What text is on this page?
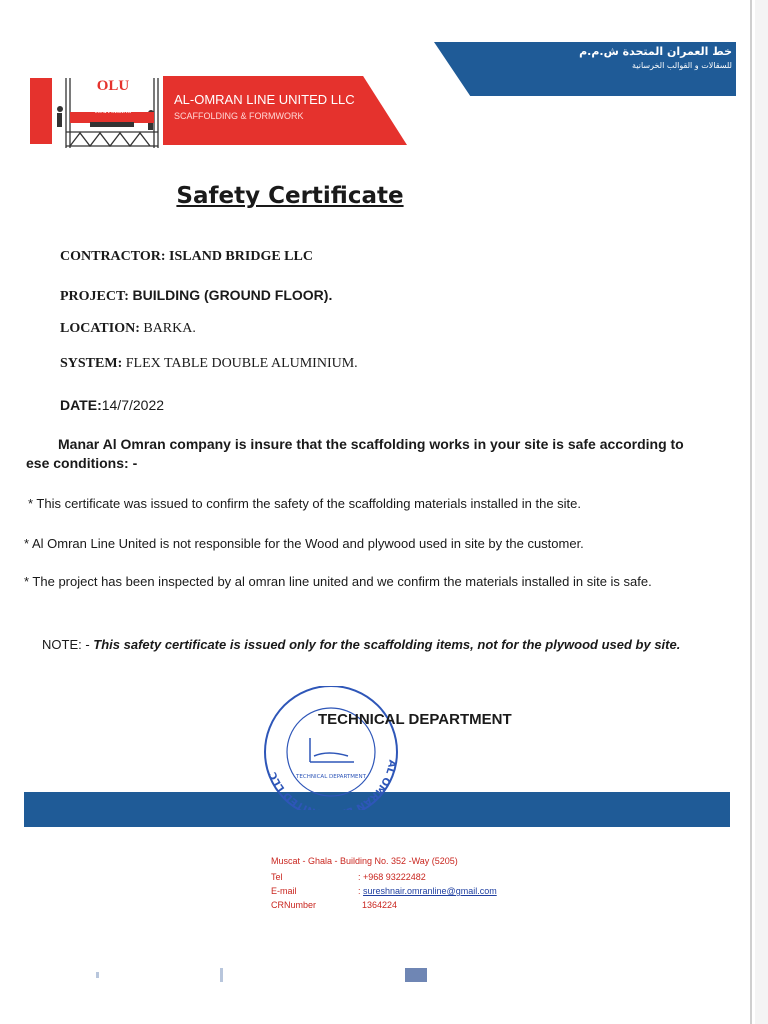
خط العمران المتحدة ش.م.م
للسقالات و القوالب الخرسانية
OLU
EL OMRAN LINE UNITED
SCAFFOLDING
AL-OMRAN LINE UNITED LLC
SCAFFOLDING & FORMWORK
Safety Certificate
CONTRACTOR: ISLAND BRIDGE LLC
PROJECT: BUILDING (GROUND FLOOR).
LOCATION: BARKA.
SYSTEM: FLEX TABLE DOUBLE ALUMINIUM.
DATE:14/7/2022
Manar Al Omran company is insure that the scaffolding works in your site is safe according to
ese conditions: -
* This certificate was issued to confirm the safety of the scaffolding materials installed in the site.
* Al Omran Line United is not responsible for the Wood and plywood used in site by the customer.
* The project has been inspected by al omran line united and we confirm the materials installed in site is safe.
NOTE: - This safety certificate is issued only for the scaffolding items, not for the plywood used by site.
AL OMRAN ITED LLC	TECHNICAL DEPARTMENT
TECHNICAL DEPARTMENT
Muscat - Ghala - Building No. 352 -Way (5205)
Tel	: +968 93222482
E-mail	: sureshnair.omranline@gmail.com
CRNumber	1364224
